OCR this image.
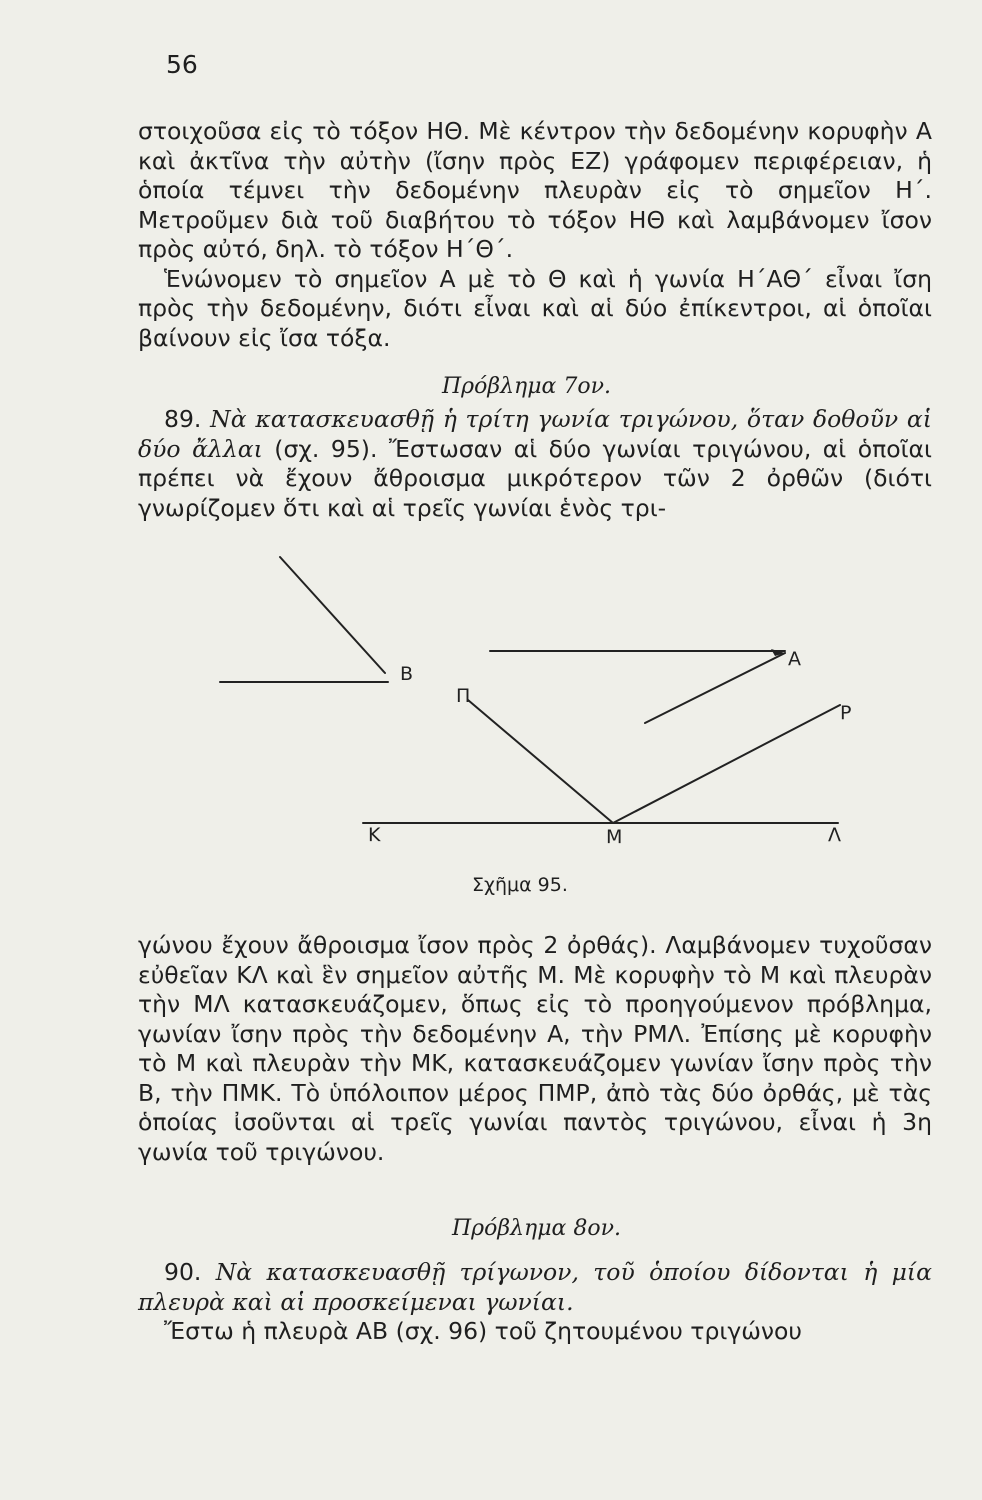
56

στοιχοῦσα εἰς τὸ τόξον ΗΘ. Μὲ κέντρον τὴν δεδομένην κορυφὴν Α καὶ ἀκτῖνα τὴν αὐτὴν (ἴσην πρὸς ΕΖ) γράφομεν περιφέρειαν, ἡ ὁποία τέμνει τὴν δεδομένην πλευρὰν εἰς τὸ σημεῖον Η΄. Μετροῦμεν διὰ τοῦ διαβήτου τὸ τόξον ΗΘ καὶ λαμβάνομεν ἴσον πρὸς αὐτό, δηλ. τὸ τόξον Η΄Θ΄.

Ἑνώνομεν τὸ σημεῖον Α μὲ τὸ Θ καὶ ἡ γωνία Η΄ΑΘ΄ εἶναι ἴση πρὸς τὴν δεδομένην, διότι εἶναι καὶ αἱ δύο ἐπίκεντροι, αἱ ὁποῖαι βαίνουν εἰς ἴσα τόξα.

Πρόβλημα 7ον.

89. Νὰ κατασκευασθῇ ἡ τρίτη γωνία τριγώνου, ὅταν δοθοῦν αἱ δύο ἄλλαι (σχ. 95). Ἔστωσαν αἱ δύο γωνίαι τριγώνου, αἱ ὁποῖαι πρέπει νὰ ἔχουν ἄθροισμα μικρότερον τῶν 2 ὀρθῶν (διότι γνωρίζομεν ὅτι καὶ αἱ τρεῖς γωνίαι ἑνὸς τρι-

Β
Α
Π
Ρ
Κ	Μ	Λ
Σχῆμα 95.

γώνου ἔχουν ἄθροισμα ἴσον πρὸς 2 ὀρθάς). Λαμβάνομεν τυχοῦσαν εὐθεῖαν ΚΛ καὶ ἓν σημεῖον αὐτῆς Μ. Μὲ κορυφὴν τὸ Μ καὶ πλευρὰν τὴν ΜΛ κατασκευάζομεν, ὅπως εἰς τὸ προηγούμενον πρόβλημα, γωνίαν ἴσην πρὸς τὴν δεδομένην Α, τὴν ΡΜΛ. Ἐπίσης μὲ κορυφὴν τὸ Μ καὶ πλευρὰν τὴν ΜΚ, κατασκευάζομεν γωνίαν ἴσην πρὸς τὴν Β, τὴν ΠΜΚ. Τὸ ὑπόλοιπον μέρος ΠΜΡ, ἀπὸ τὰς δύο ὀρθάς, μὲ τὰς ὁποίας ἰσοῦνται αἱ τρεῖς γωνίαι παντὸς τριγώνου, εἶναι ἡ 3η γωνία τοῦ τριγώνου.

Πρόβλημα 8ον.

90. Νὰ κατασκευασθῇ τρίγωνον, τοῦ ὁποίου δίδονται ἡ μία πλευρὰ καὶ αἱ προσκείμεναι γωνίαι.

Ἔστω ἡ πλευρὰ ΑΒ (σχ. 96) τοῦ ζητουμένου τριγώνου
